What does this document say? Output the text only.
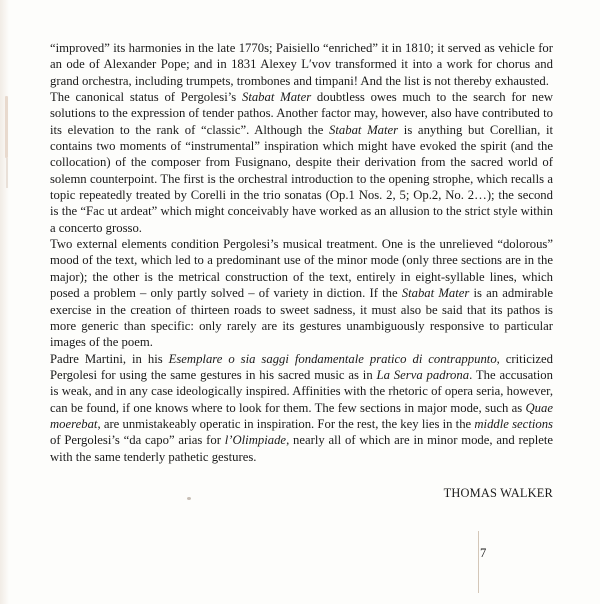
“improved” its harmonies in the late 1770s; Paisiello “enriched” it in 1810; it served as vehicle for an ode of Alexander Pope; and in 1831 Alexey Lʹvov transformed it into a work for chorus and grand orchestra, including trumpets, trombones and timpani! And the list is not thereby exhausted.

The canonical status of Pergolesi’s Stabat Mater doubtless owes much to the search for new solutions to the expression of tender pathos. Another factor may, however, also have contributed to its elevation to the rank of “classic”. Although the Stabat Mater is anything but Corellian, it contains two moments of “instrumental” inspiration which might have evoked the spirit (and the collocation) of the composer from Fusignano, despite their derivation from the sacred world of solemn counterpoint. The first is the orchestral introduction to the opening strophe, which recalls a topic repeatedly treated by Corelli in the trio sonatas (Op.1 Nos. 2, 5; Op.2, No. 2…); the second is the “Fac ut ardeat” which might conceivably have worked as an allusion to the strict style within a concerto grosso.

Two external elements condition Pergolesi’s musical treatment. One is the unrelieved “dolorous” mood of the text, which led to a predominant use of the minor mode (only three sections are in the major); the other is the metrical construction of the text, entirely in eight-syllable lines, which posed a problem – only partly solved – of variety in diction. If the Stabat Mater is an admirable exercise in the creation of thirteen roads to sweet sadness, it must also be said that its pathos is more generic than specific: only rarely are its gestures unambiguously responsive to particular images of the poem.

Padre Martini, in his Esemplare o sia saggi fondamentale pratico di contrappunto, criticized Pergolesi for using the same gestures in his sacred music as in La Serva padrona. The accusation is weak, and in any case ideologically inspired. Affinities with the rhetoric of opera seria, however, can be found, if one knows where to look for them. The few sections in major mode, such as Quae moerebat, are unmistakeably operatic in inspiration. For the rest, the key lies in the middle sections of Pergolesi’s “da capo” arias for l’Olimpiade, nearly all of which are in minor mode, and replete with the same tenderly pathetic gestures.

THOMAS WALKER
7
